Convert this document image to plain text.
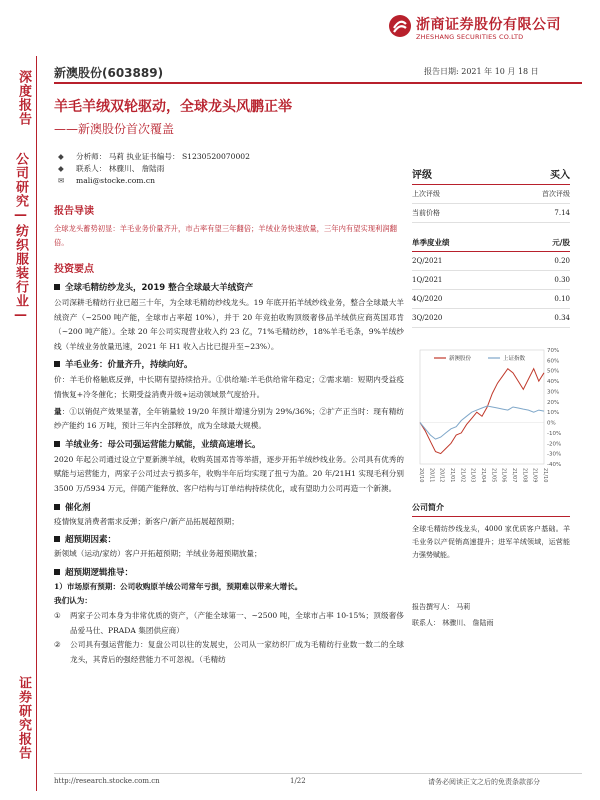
浙商证券股份有限公司
ZHESHANG SECURITIES CO.LTD
新澳股份(603889)	报告日期: 2021 年 10 月 18 日
深度报告
公司研究—纺织服装行业—
证券研究报告
羊毛羊绒双轮驱动，全球龙头风鹏正举
——新澳股份首次覆盖
◆
◆
✉
分析师： 马莉 执业证书编号： S1230520070002
联系人： 林骤川、 詹陆雨
mali@stocke.com.cn
报告导读
全球龙头蓄势初显：羊毛业务价量齐升，市占率有望三年翻倍；羊绒业务快速放量，三年内有望实现利润翻倍。
投资要点
全球毛精纺纱龙头，2019 整合全球最大羊绒资产
公司深耕毛精纺行业已超三十年，为全球毛精纺纱线龙头。19 年底开拓羊绒纱线业务，整合全球最大羊绒资产（~2500 吨产能，全球市占率超 10%），并于 20 年竞拍收购顶级奢侈品羊绒供应商英国邓肯（~200 吨产能）。全球 20 年公司实现营业收入约 23 亿，71%毛精纺纱，18%羊毛毛条，9%羊绒纱线（羊绒业务放量迅速，2021 年 H1 收入占比已提升至~23%）。
羊毛业务：价量齐升，持续向好。
价：羊毛价格触底反弹，中长期有望持续拾升。①供给端:羊毛供给常年稳定；②需求端：短期内受益疫情恢复+冷冬催化；长期受益消费升级+运动领域景气度拾升。
量：①以销促产效果显著，全年销量较 19/20 年预计增速分别为 29%/36%；②扩产正当时：现有精纺纱产能约 16 万吨，预计三年内全部释放，成为全球最大规模。
羊绒业务：母公司强运营能力赋能，业绩高速增长。
2020 年起公司通过设立宁夏新澳羊绒，收购英国邓肯等举措，逐步开拓羊绒纱线业务。公司具有优秀的赋能与运营能力，两家子公司过去亏损多年，收购半年后均实现了扭亏为盈。20 年/21H1 实现毛利分别 3500 万/5934 万元，伴随产能释放、客户结构与订单结构持续优化，或有望助力公司再造一个新澳。
催化剂
疫情恢复消费者需求反弹；新客户/新产品拓展超预期；
超预期因素：
新领域（运动/家纺）客户开拓超预期；羊绒业务超预期放量；
超预期逻辑推导：
1）市场原有预期：公司收购原羊绒公司常年亏损，预期难以带来大增长。
我们认为：
①	两家子公司本身为非常优质的资产，（产能全球第一、~2500 吨，全球市占率 10-15%；顶级奢侈品爱马仕、PRADA 集团供应商）
②	公司具有强运营能力：复盘公司以往的发展史，公司从一家纺织厂成为毛精纺行业数一数二的全球龙头，其背后的强经营能力不可忽视。（毛精纺
评级	买入
上次评级	首次评级
当前价格	7.14
单季度业绩	元/股
2Q/2021	0.20
1Q/2021	0.30
4Q/2020	0.10
3Q/2020	0.34
70%
60%
50%
40%
30%
20%
10%
0%
-10%
-20%
-30%
-40%
20/10 20/11 20/12 21/01 21/02 21/03 21/04 21/05 21/06 21/07 21/08 21/09 21/10
新澳股份	上证指数
公司简介
全球毛精纺纱线龙头，4000 家优质客户基础。羊毛业务以产促销高速提升；进军羊绒领域，运营能力强势赋能。
报告撰写人： 马莉
联系人： 林骤川、 詹陆雨
http://research.stocke.com.cn	1/22	请务必阅读正文之后的免责条款部分
